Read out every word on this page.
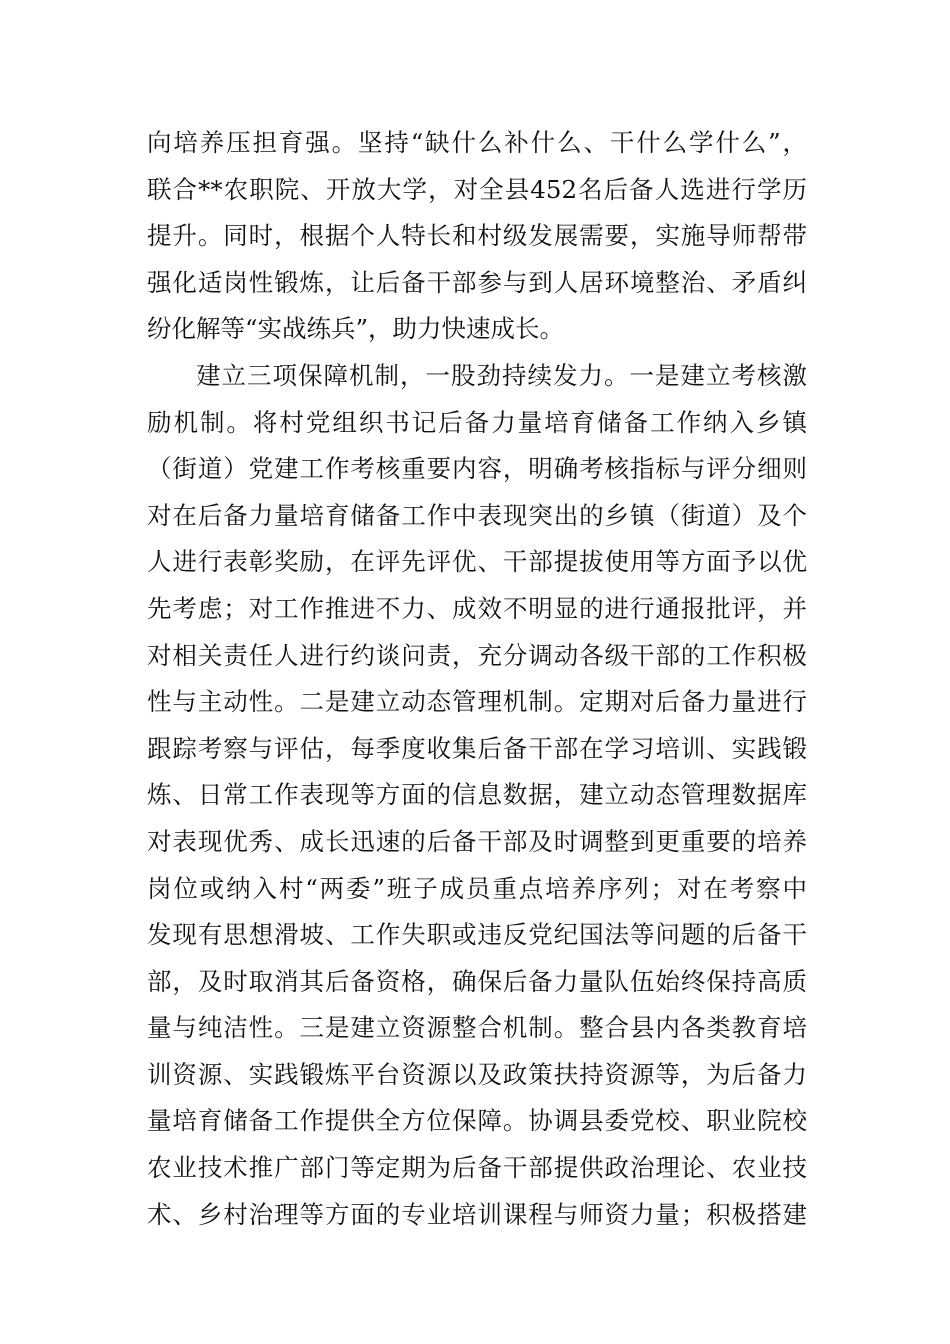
向培养压担育强。坚持“缺什么补什么、干什么学什么”，
联合**农职院、开放大学，对全县452名后备人选进行学历
提升。同时，根据个人特长和村级发展需要，实施导师帮带
强化适岗性锻炼，让后备干部参与到人居环境整治、矛盾纠
纷化解等“实战练兵”，助力快速成长。
建立三项保障机制，一股劲持续发力。一是建立考核激
励机制。将村党组织书记后备力量培育储备工作纳入乡镇
（街道）党建工作考核重要内容，明确考核指标与评分细则
对在后备力量培育储备工作中表现突出的乡镇（街道）及个
人进行表彰奖励，在评先评优、干部提拔使用等方面予以优
先考虑；对工作推进不力、成效不明显的进行通报批评，并
对相关责任人进行约谈问责，充分调动各级干部的工作积极
性与主动性。二是建立动态管理机制。定期对后备力量进行
跟踪考察与评估，每季度收集后备干部在学习培训、实践锻
炼、日常工作表现等方面的信息数据，建立动态管理数据库
对表现优秀、成长迅速的后备干部及时调整到更重要的培养
岗位或纳入村“两委”班子成员重点培养序列；对在考察中
发现有思想滑坡、工作失职或违反党纪国法等问题的后备干
部，及时取消其后备资格，确保后备力量队伍始终保持高质
量与纯洁性。三是建立资源整合机制。整合县内各类教育培
训资源、实践锻炼平台资源以及政策扶持资源等，为后备力
量培育储备工作提供全方位保障。协调县委党校、职业院校
农业技术推广部门等定期为后备干部提供政治理论、农业技
术、乡村治理等方面的专业培训课程与师资力量；积极搭建
